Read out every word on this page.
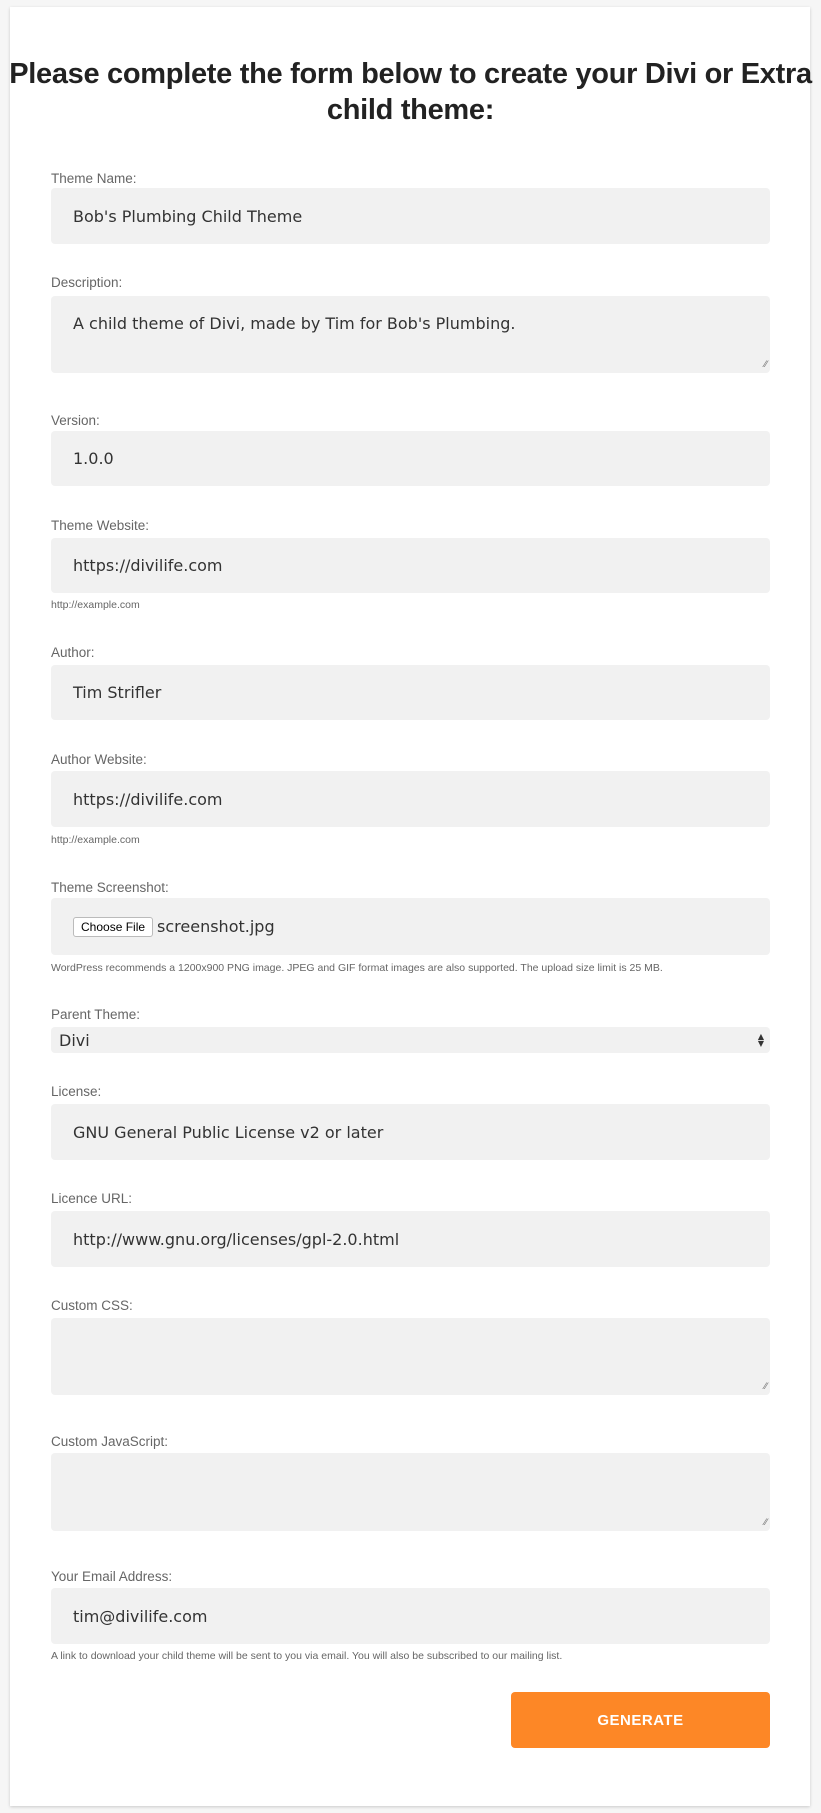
Please complete the form below to create your Divi or Extra child theme:
Theme Name:
Bob's Plumbing Child Theme
Description:
A child theme of Divi, made by Tim for Bob's Plumbing.
⁄⁄
Version:
1.0.0
Theme Website:
https://divilife.com
http://example.com
Author:
Tim Strifler
Author Website:
https://divilife.com
http://example.com
Theme Screenshot:
Choose File screenshot.jpg
WordPress recommends a 1200x900 PNG image. JPEG and GIF format images are also supported. The upload size limit is 25 MB.
Parent Theme:
Divi	▲
▼
License:
GNU General Public License v2 or later
Licence URL:
http://www.gnu.org/licenses/gpl-2.0.html
Custom CSS:
⁄⁄
Custom JavaScript:
⁄⁄
Your Email Address:
tim@divilife.com
A link to download your child theme will be sent to you via email. You will also be subscribed to our mailing list.
GENERATE
